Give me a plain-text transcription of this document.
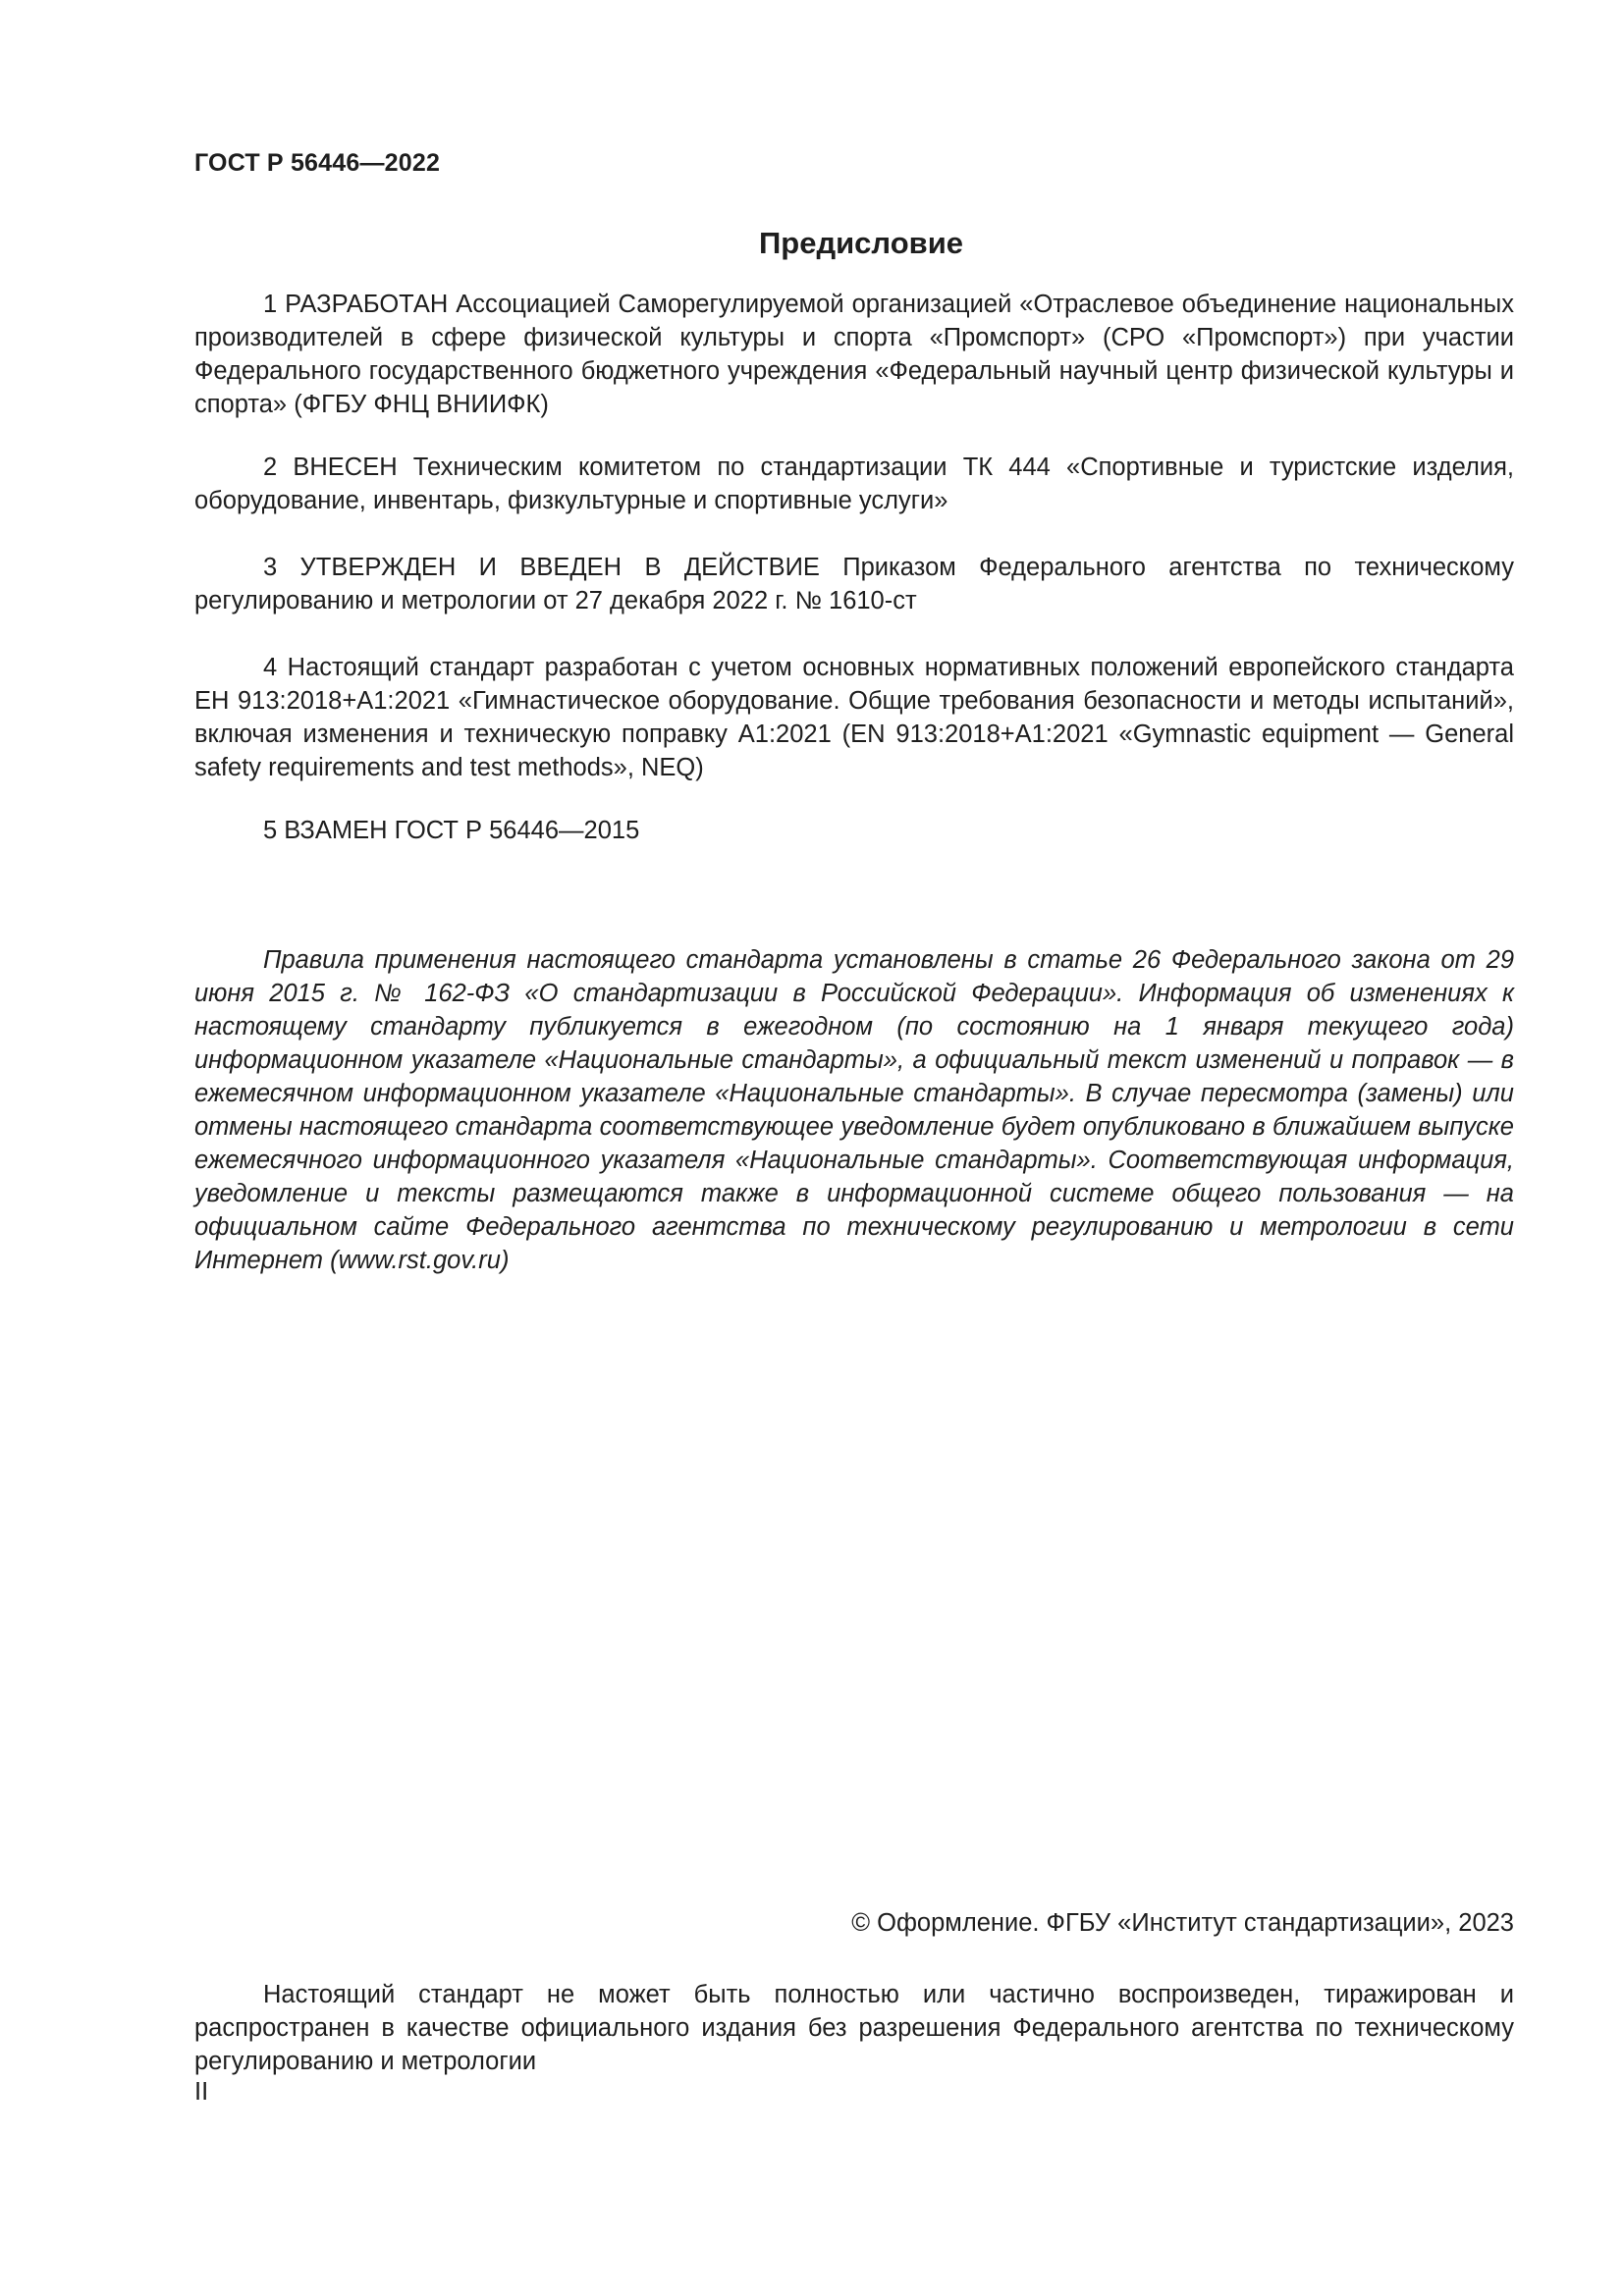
ГОСТ Р 56446—2022
Предисловие

1 РАЗРАБОТАН Ассоциацией Саморегулируемой организацией «Отраслевое объединение национальных производителей в сфере физической культуры и спорта «Промспорт» (СРО «Промспорт») при участии Федерального государственного бюджетного учреждения «Федеральный научный центр физической культуры и спорта» (ФГБУ ФНЦ ВНИИФК)

2 ВНЕСЕН Техническим комитетом по стандартизации ТК 444 «Спортивные и туристские изделия, оборудование, инвентарь, физкультурные и спортивные услуги»

3 УТВЕРЖДЕН И ВВЕДЕН В ДЕЙСТВИЕ Приказом Федерального агентства по техническому регулированию и метрологии от 27 декабря 2022 г. № 1610-ст

4 Настоящий стандарт разработан с учетом основных нормативных положений европейского стандарта ЕН 913:2018+А1:2021 «Гимнастическое оборудование. Общие требования безопасности и методы испытаний», включая изменения и техническую поправку А1:2021 (EN 913:2018+A1:2021 «Gymnastic equipment — General safety requirements and test methods», NEQ)

5 ВЗАМЕН ГОСТ Р 56446—2015

Правила применения настоящего стандарта установлены в статье 26 Федерального закона от 29 июня 2015 г. № 162-ФЗ «О стандартизации в Российской Федерации». Информация об изменениях к настоящему стандарту публикуется в ежегодном (по состоянию на 1 января текущего года) информационном указателе «Национальные стандарты», а официальный текст изменений и поправок — в ежемесячном информационном указателе «Национальные стандарты». В случае пересмотра (замены) или отмены настоящего стандарта соответствующее уведомление будет опубликовано в ближайшем выпуске ежемесячного информационного указателя «Национальные стандарты». Соответствующая информация, уведомление и тексты размещаются также в информационной системе общего пользования — на официальном сайте Федерального агентства по техническому регулированию и метрологии в сети Интернет (www.rst.gov.ru)

© Оформление. ФГБУ «Институт стандартизации», 2023

Настоящий стандарт не может быть полностью или частично воспроизведен, тиражирован и распространен в качестве официального издания без разрешения Федерального агентства по техническому регулированию и метрологии

II
